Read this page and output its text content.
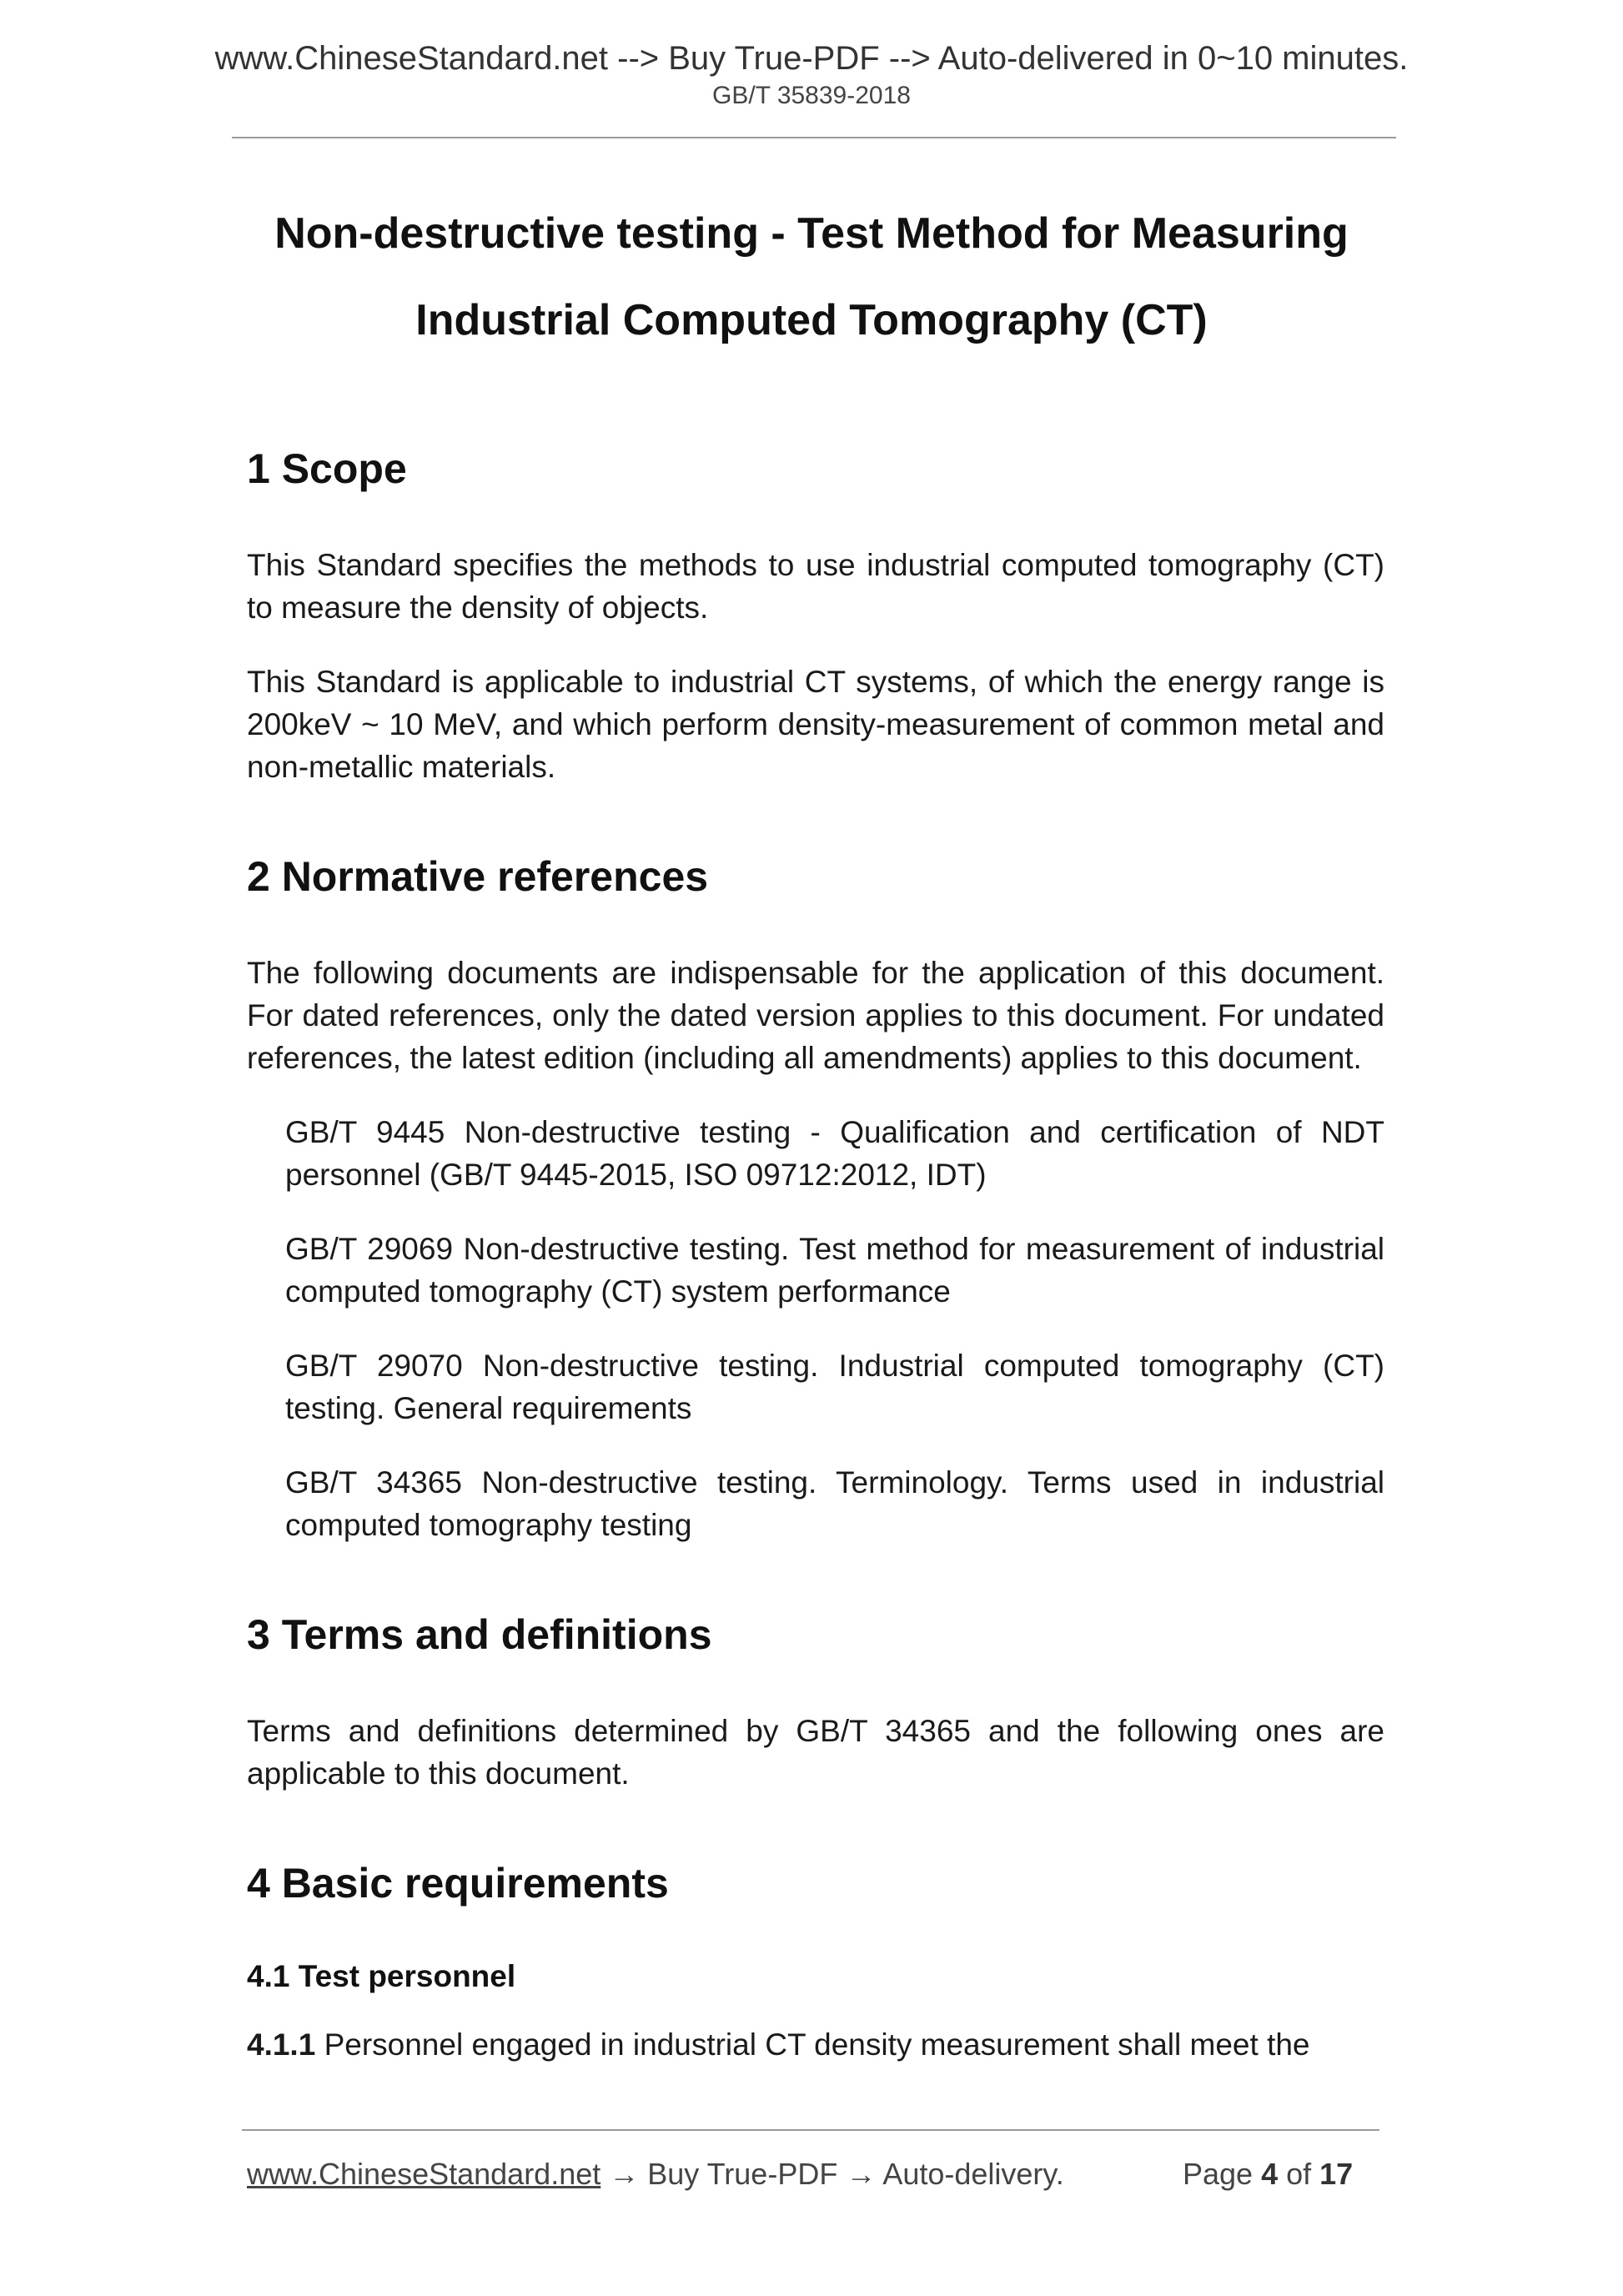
www.ChineseStandard.net --> Buy True-PDF --> Auto-delivered in 0~10 minutes.
GB/T 35839-2018
Non-destructive testing - Test Method for Measuring
Industrial Computed Tomography (CT)
1 Scope

This Standard specifies the methods to use industrial computed tomography (CT) to measure the density of objects.

This Standard is applicable to industrial CT systems, of which the energy range is 200keV ~ 10 MeV, and which perform density-measurement of common metal and non-metallic materials.

2 Normative references

The following documents are indispensable for the application of this document. For dated references, only the dated version applies to this document. For undated references, the latest edition (including all amendments) applies to this document.

GB/T 9445 Non-destructive testing - Qualification and certification of NDT personnel (GB/T 9445-2015, ISO 09712:2012, IDT)

GB/T 29069 Non-destructive testing. Test method for measurement of industrial computed tomography (CT) system performance

GB/T 29070 Non-destructive testing. Industrial computed tomography (CT) testing. General requirements

GB/T 34365 Non-destructive testing. Terminology. Terms used in industrial computed tomography testing

3 Terms and definitions

Terms and definitions determined by GB/T 34365 and the following ones are applicable to this document.

4 Basic requirements
4.1 Test personnel

4.1.1 Personnel engaged in industrial CT density measurement shall meet the

www.ChineseStandard.net → Buy True-PDF → Auto-delivery.	Page 4 of 17
